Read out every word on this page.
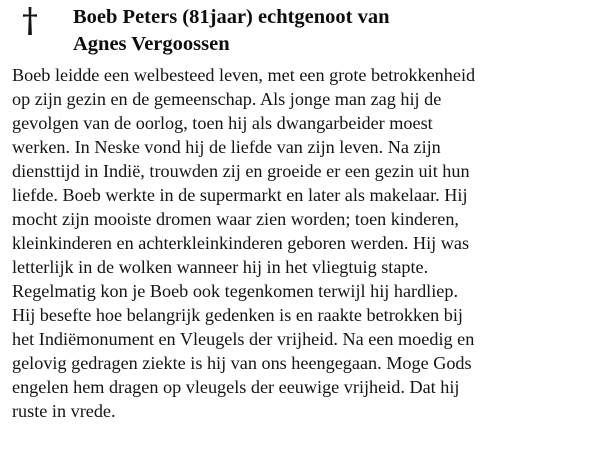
Boeb Peters (81jaar) echtgenoot van
Agnes Vergoossen
Boeb leidde een welbesteed leven, met een grote betrokkenheid
op zijn gezin en de gemeenschap. Als jonge man zag hij de
gevolgen van de oorlog, toen hij als dwangarbeider moest
werken. In Neske vond hij de liefde van zijn leven. Na zijn
diensttijd in Indië, trouwden zij en groeide er een gezin uit hun
liefde. Boeb werkte in de supermarkt en later als makelaar. Hij
mocht zijn mooiste dromen waar zien worden; toen kinderen,
kleinkinderen en achterkleinkinderen geboren werden. Hij was
letterlijk in de wolken wanneer hij in het vliegtuig stapte.
Regelmatig kon je Boeb ook tegenkomen terwijl hij hardliep.
Hij besefte hoe belangrijk gedenken is en raakte betrokken bij
het Indiëmonument en Vleugels der vrijheid. Na een moedig en
gelovig gedragen ziekte is hij van ons heengegaan. Moge Gods
engelen hem dragen op vleugels der eeuwige vrijheid. Dat hij
ruste in vrede.
